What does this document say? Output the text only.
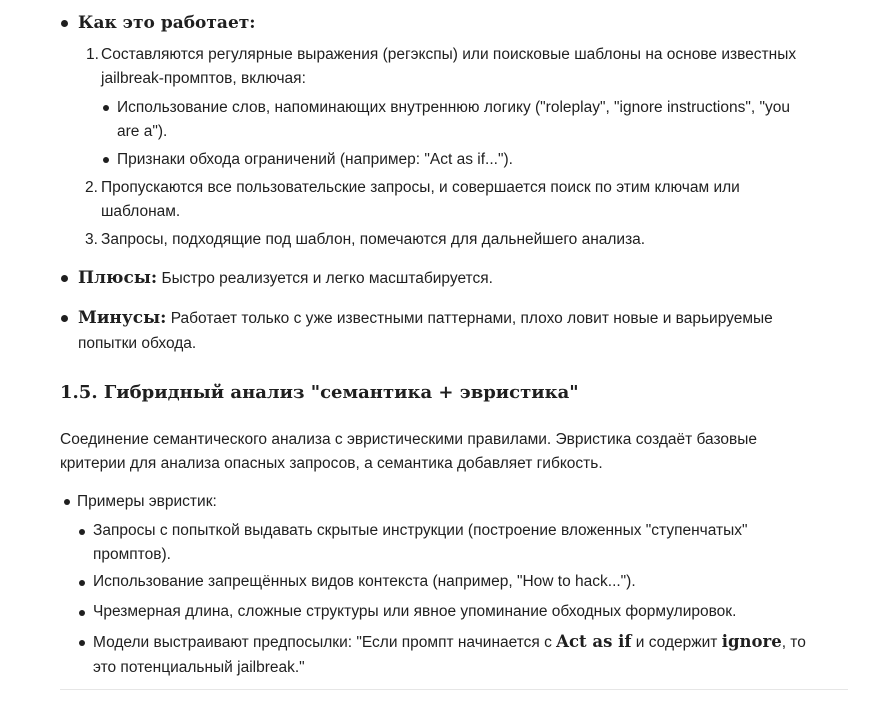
Как это работает:
1. Составляются регулярные выражения (регэкспы) или поисковые шаблоны на основе известных
jailbreak-промптов, включая:
Использование слов, напоминающих внутреннюю логику ("roleplay", "ignore instructions", "you
are a").
Признаки обхода ограничений (например: "Act as if...").
2. Пропускаются все пользовательские запросы, и совершается поиск по этим ключам или
шаблонам.
3. Запросы, подходящие под шаблон, помечаются для дальнейшего анализа.
Плюсы: Быстро реализуется и легко масштабируется.
Минусы: Работает только с уже известными паттернами, плохо ловит новые и варьируемые
попытки обхода.
1.5. Гибридный анализ "семантика + эвристика"
Соединение семантического анализа с эвристическими правилами. Эвристика создаёт базовые
критерии для анализа опасных запросов, а семантика добавляет гибкость.
Примеры эвристик:
Запросы с попыткой выдавать скрытые инструкции (построение вложенных "ступенчатых"
промптов).
Использование запрещённых видов контекста (например, "How to hack...").
Чрезмерная длина, сложные структуры или явное упоминание обходных формулировок.
Модели выстраивают предпосылки: "Если промпт начинается с Act as if и содержит ignore, то
это потенциальный jailbreak."
